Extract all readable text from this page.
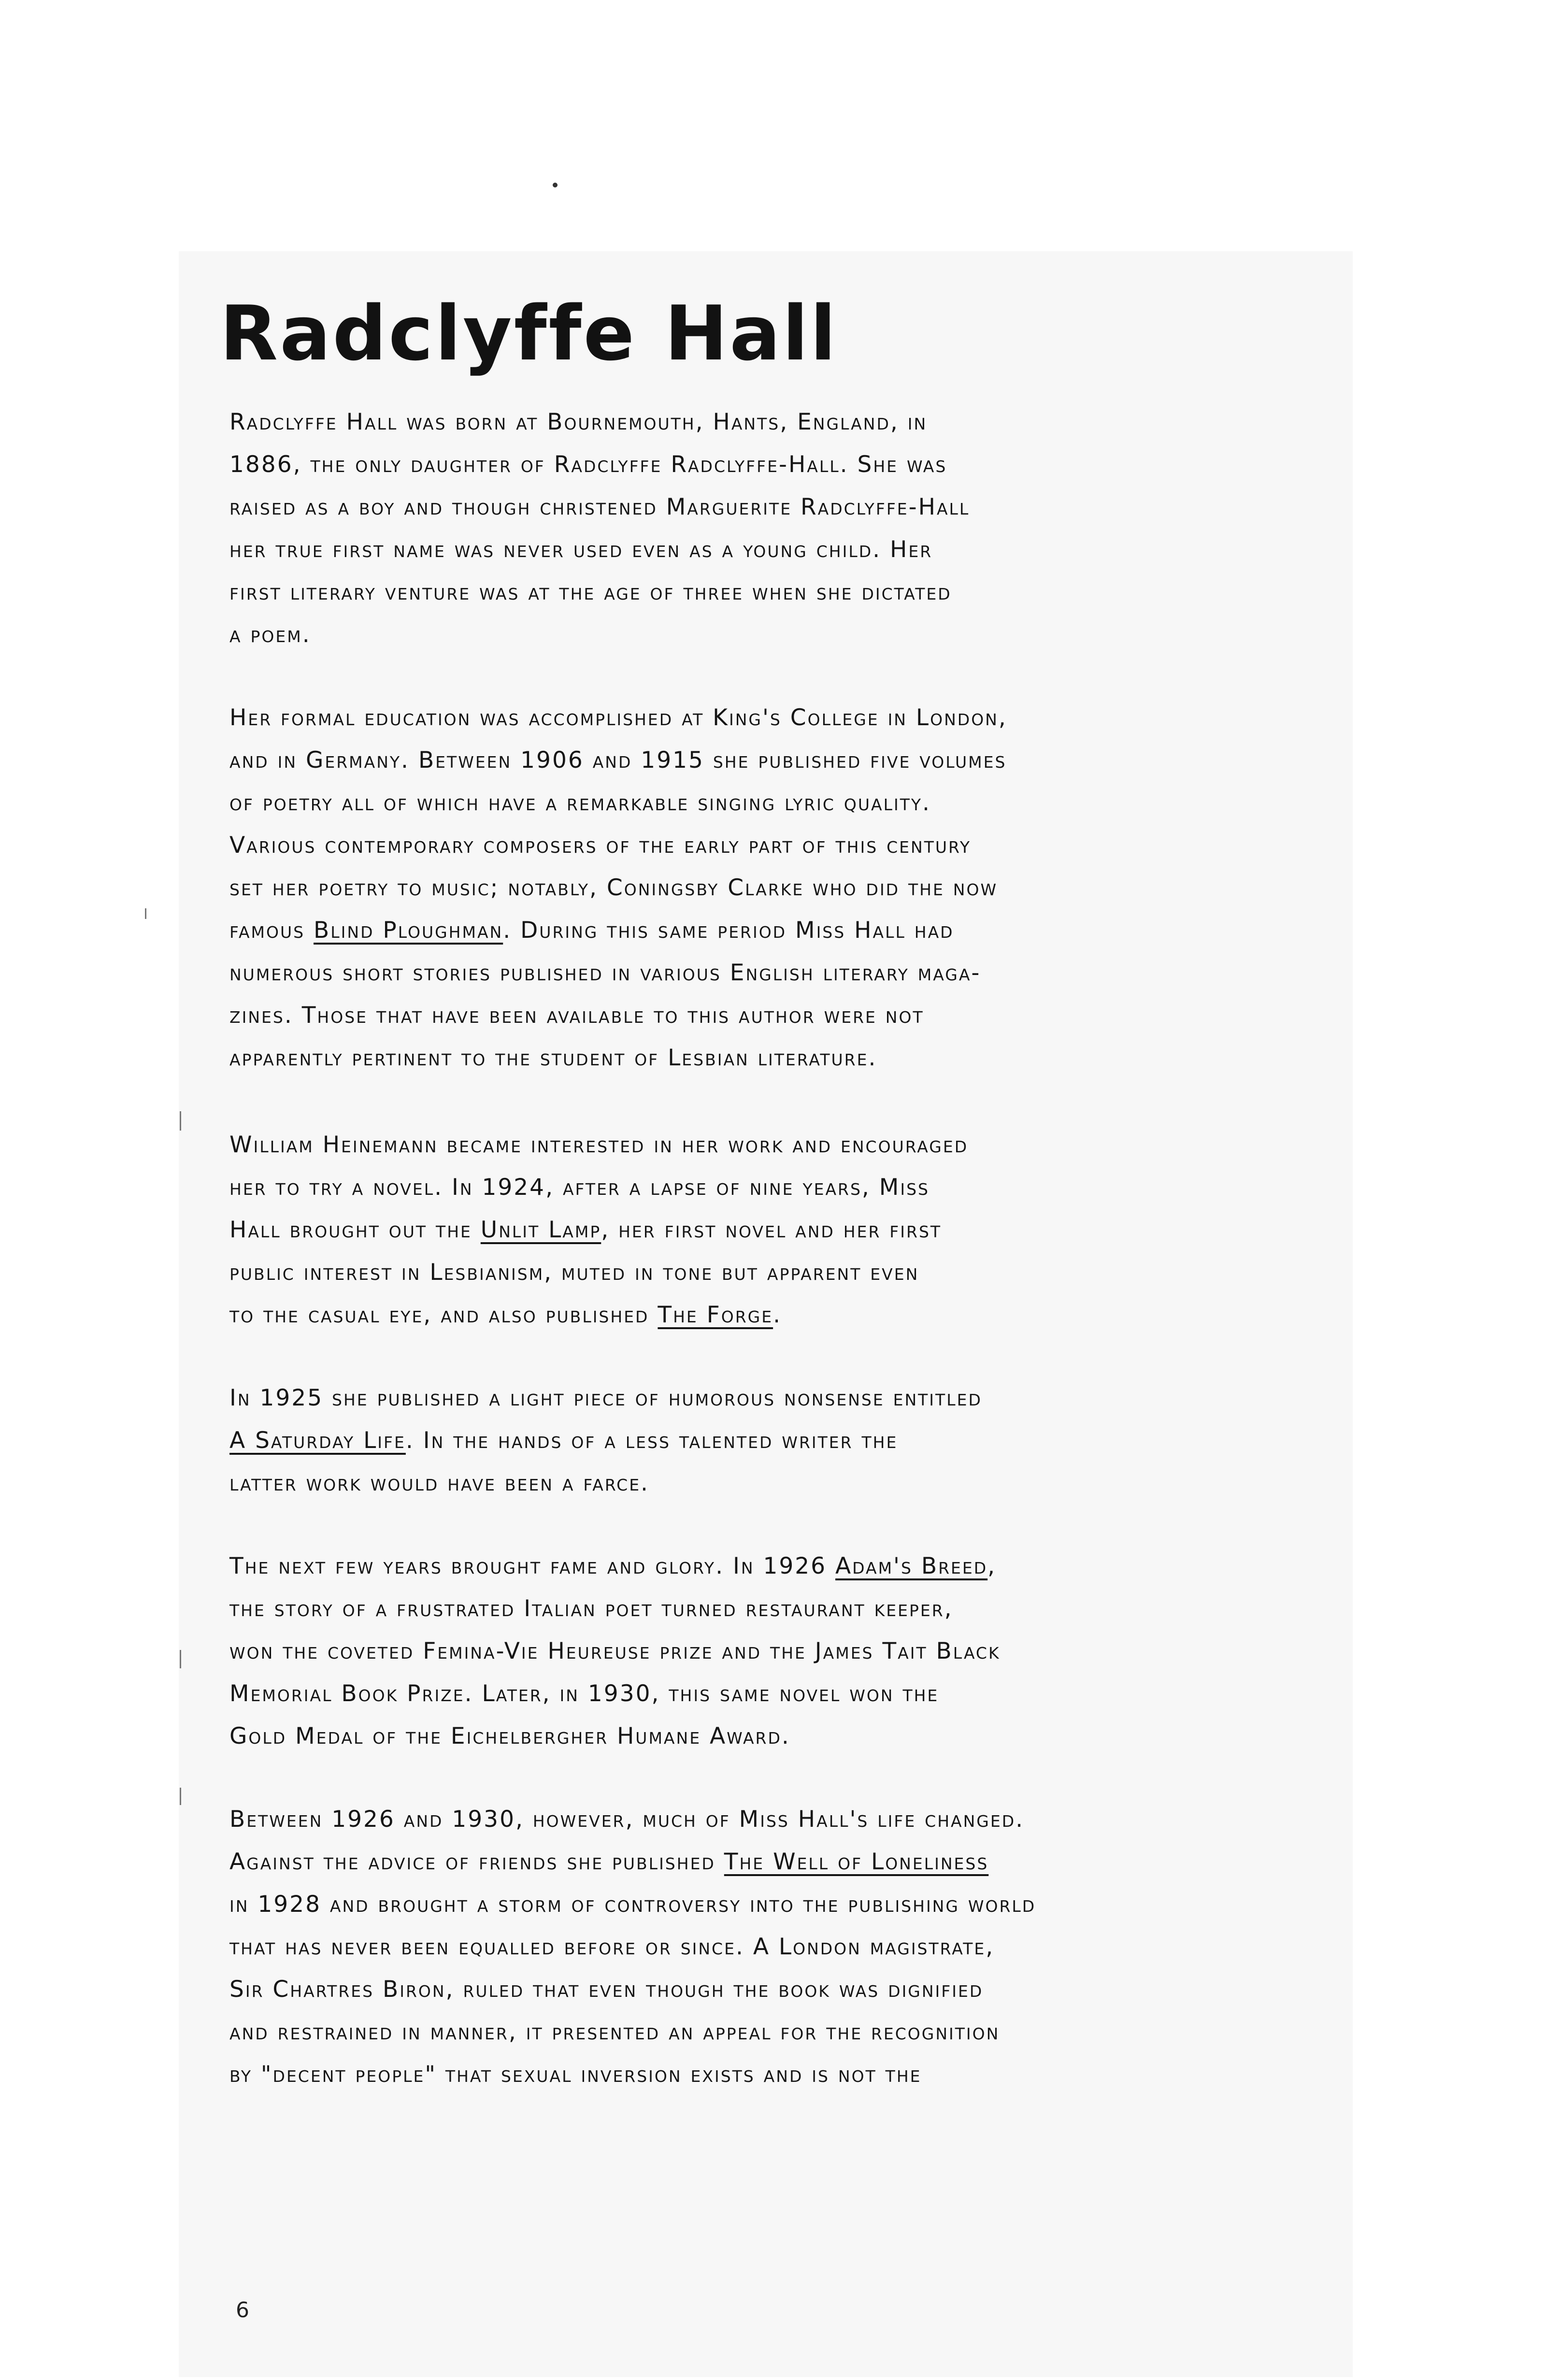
Radclyffe Hall

Radclyffe Hall was born at Bournemouth, Hants, England, in
1886, the only daughter of Radclyffe Radclyffe-Hall. She was
raised as a boy and though christened Marguerite Radclyffe-Hall
her true first name was never used even as a young child. Her
first literary venture was at the age of three when she dictated
a poem.

Her formal education was accomplished at King's College in London,
and in Germany. Between 1906 and 1915 she published five volumes
of poetry all of which have a remarkable singing lyric quality.
Various contemporary composers of the early part of this century
set her poetry to music; notably, Coningsby Clarke who did the now
famous Blind Ploughman. During this same period Miss Hall had
numerous short stories published in various English literary maga-
zines. Those that have been available to this author were not
apparently pertinent to the student of Lesbian literature.

William Heinemann became interested in her work and encouraged
her to try a novel. In 1924, after a lapse of nine years, Miss
Hall brought out the Unlit Lamp, her first novel and her first
public interest in Lesbianism, muted in tone but apparent even
to the casual eye, and also published The Forge.

In 1925 she published a light piece of humorous nonsense entitled
A Saturday Life. In the hands of a less talented writer the
latter work would have been a farce.

The next few years brought fame and glory. In 1926 Adam's Breed,
the story of a frustrated Italian poet turned restaurant keeper,
won the coveted Femina-Vie Heureuse prize and the James Tait Black
Memorial Book Prize. Later, in 1930, this same novel won the
Gold Medal of the Eichelbergher Humane Award.

Between 1926 and 1930, however, much of Miss Hall's life changed.
Against the advice of friends she published The Well of Loneliness
in 1928 and brought a storm of controversy into the publishing world
that has never been equalled before or since. A London magistrate,
Sir Chartres Biron, ruled that even though the book was dignified
and restrained in manner, it presented an appeal for the recognition
by "decent people" that sexual inversion exists and is not the

6
